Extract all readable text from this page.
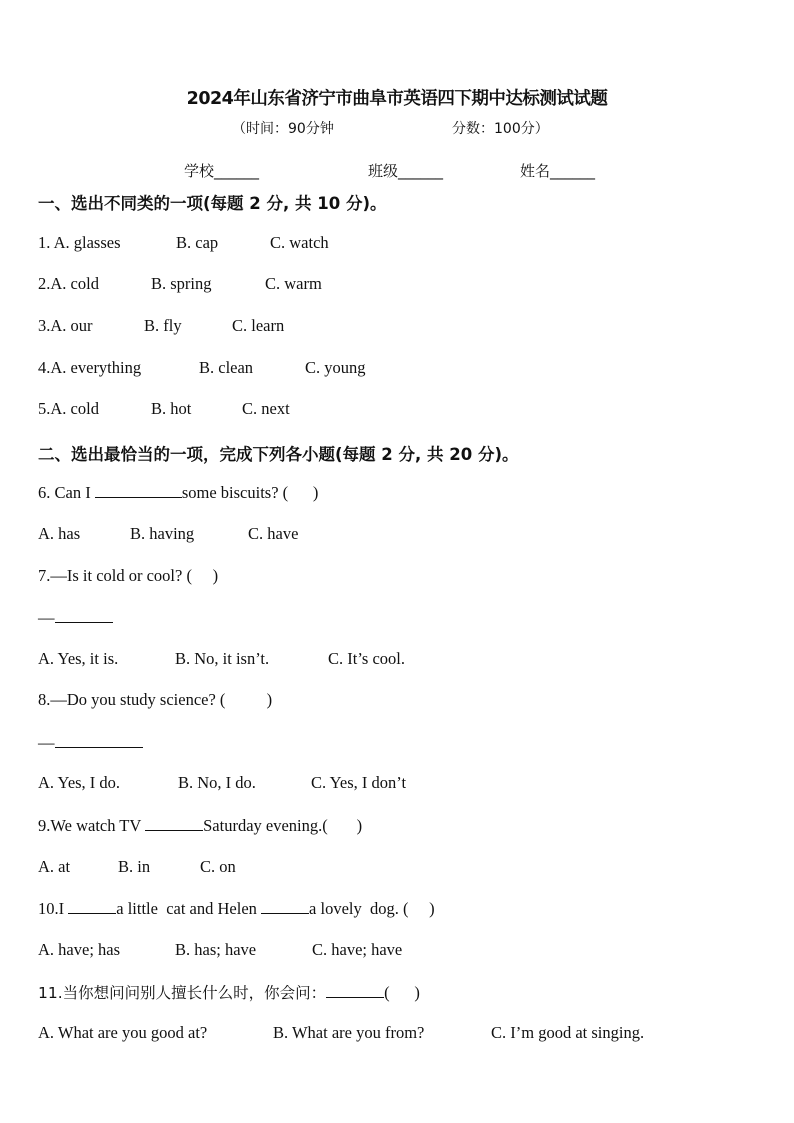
2024年山东省济宁市曲阜市英语四下期中达标测试试题
（时间：90分钟	分数：100分）
学校______	班级______	姓名______
一、选出不同类的一项(每题 2 分, 共 10 分)。
1. A. glasses	B. cap	C. watch
2.A. cold	B. spring	C. warm
3.A. our	B. fly	C. learn
4.A. everything	B. clean	C. young
5.A. cold	B. hot	C. next
二、选出最恰当的一项，完成下列各小题(每题 2 分, 共 20 分)。
6. Can I	some biscuits? (      )
A. has	B. having	C. have
7.—Is it cold or cool? (     )
—
A. Yes, it is.	B. No, it isn’t.	C. It’s cool.
8.—Do you study science? (          )
—
A. Yes, I do.	B. No, I do.	C. Yes, I don’t
9.We watch TV	Saturday evening.(       )
A. at	B. in	C. on
10.I	a little  cat and Helen	a lovely  dog. (     )
A. have; has	B. has; have	C. have; have
11.当你想问问别人擅长什么时，你会问：	(      )
A. What are you good at?	B. What are you from?	C. I’m good at singing.
